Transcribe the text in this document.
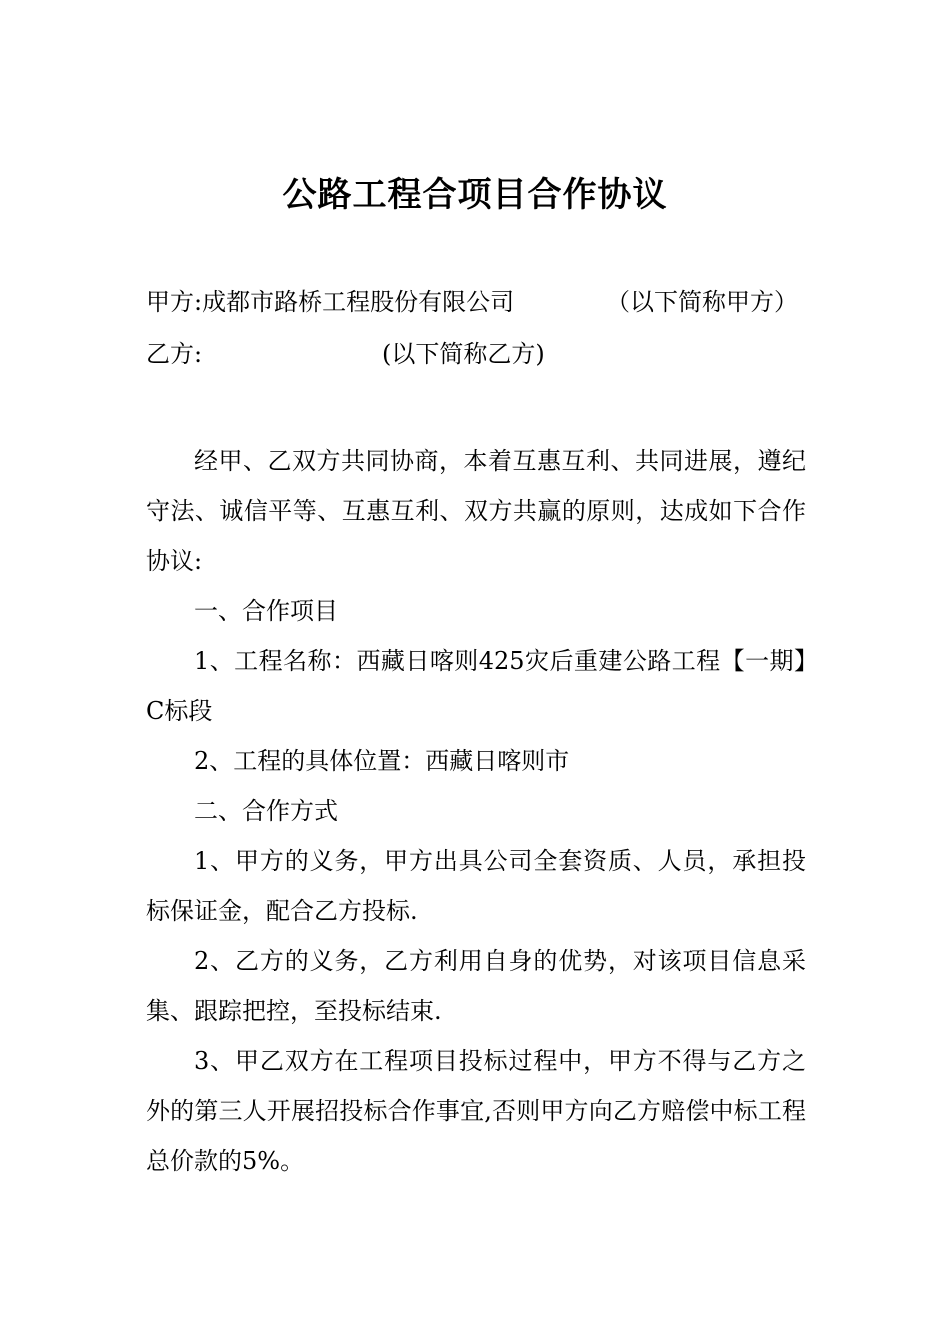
公路工程合项目合作协议
甲方:成都市路桥工程股份有限公司	（以下简称甲方）
乙方:	(以下简称乙方)

经甲、乙双方共同协商，本着互惠互利、共同进展，遵纪守法、诚信平等、互惠互利、双方共赢的原则，达成如下合作协议:

一、合作项目

1、工程名称：西藏日喀则425灾后重建公路工程【一期】C标段

2、工程的具体位置：西藏日喀则市

二、合作方式

1、甲方的义务，甲方出具公司全套资质、人员，承担投标保证金，配合乙方投标.

2、乙方的义务，乙方利用自身的优势，对该项目信息采集、跟踪把控，至投标结束.

3、甲乙双方在工程项目投标过程中，甲方不得与乙方之外的第三人开展招投标合作事宜,否则甲方向乙方赔偿中标工程总价款的5%。
